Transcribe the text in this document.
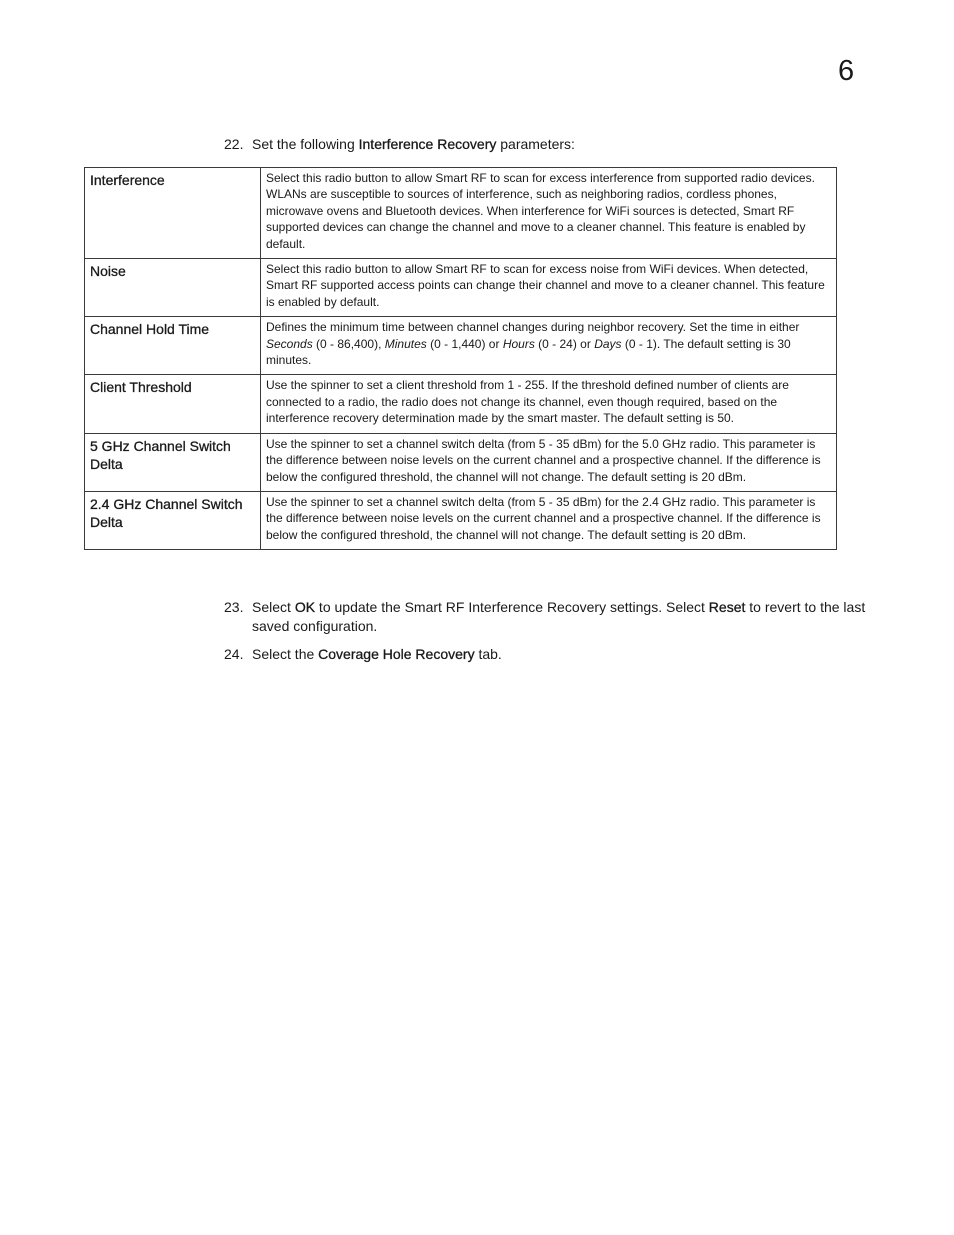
6
22. Set the following Interference Recovery parameters:
Interference	Select this radio button to allow Smart RF to scan for excess interference from supported radio devices. WLANs are susceptible to sources of interference, such as neighboring radios, cordless phones, microwave ovens and Bluetooth devices. When interference for WiFi sources is detected, Smart RF supported devices can change the channel and move to a cleaner channel. This feature is enabled by default.
Noise	Select this radio button to allow Smart RF to scan for excess noise from WiFi devices. When detected, Smart RF supported access points can change their channel and move to a cleaner channel. This feature is enabled by default.
Channel Hold Time	Defines the minimum time between channel changes during neighbor recovery. Set the time in either Seconds (0 - 86,400), Minutes (0 - 1,440) or Hours (0 - 24) or Days (0 - 1). The default setting is 30 minutes.
Client Threshold	Use the spinner to set a client threshold from 1 - 255. If the threshold defined number of clients are connected to a radio, the radio does not change its channel, even though required, based on the interference recovery determination made by the smart master. The default setting is 50.
5 GHz Channel Switch Delta	Use the spinner to set a channel switch delta (from 5 - 35 dBm) for the 5.0 GHz radio. This parameter is the difference between noise levels on the current channel and a prospective channel. If the difference is below the configured threshold, the channel will not change. The default setting is 20 dBm.
2.4 GHz Channel Switch Delta	Use the spinner to set a channel switch delta (from 5 - 35 dBm) for the 2.4 GHz radio. This parameter is the difference between noise levels on the current channel and a prospective channel. If the difference is below the configured threshold, the channel will not change. The default setting is 20 dBm.
23. Select OK to update the Smart RF Interference Recovery settings. Select Reset to revert to the last saved configuration.
24. Select the Coverage Hole Recovery tab.
